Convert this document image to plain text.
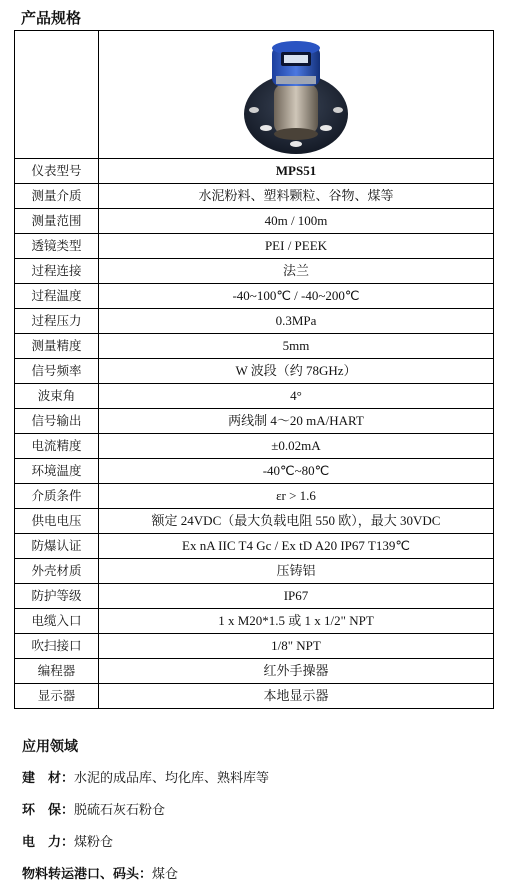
产品规格

仪表型号	MPS51
测量介质	水泥粉料、塑料颗粒、谷物、煤等
测量范围	40m / 100m
透镜类型	PEI / PEEK
过程连接	法兰
过程温度	-40~100℃ / -40~200℃
过程压力	0.3MPa
测量精度	5mm
信号频率	W 波段（约 78GHz）
波束角	4°
信号输出	两线制 4～20 mA/HART
电流精度	±0.02mA
环境温度	-40℃~80℃
介质条件	εr > 1.6
供电电压	额定 24VDC（最大负载电阻 550 欧），最大 30VDC
防爆认证	Ex nA IIC T4 Gc / Ex tD A20 IP67 T139℃
外壳材质	压铸铝
防护等级	IP67
电缆入口	1 x M20*1.5 或 1 x 1/2" NPT
吹扫接口	1/8" NPT
编程器	红外手操器
显示器	本地显示器
应用领域
建　材：水泥的成品库、均化库、熟料库等
环　保：脱硫石灰石粉仓
电　力：煤粉仓
物料转运港口、码头：煤仓
